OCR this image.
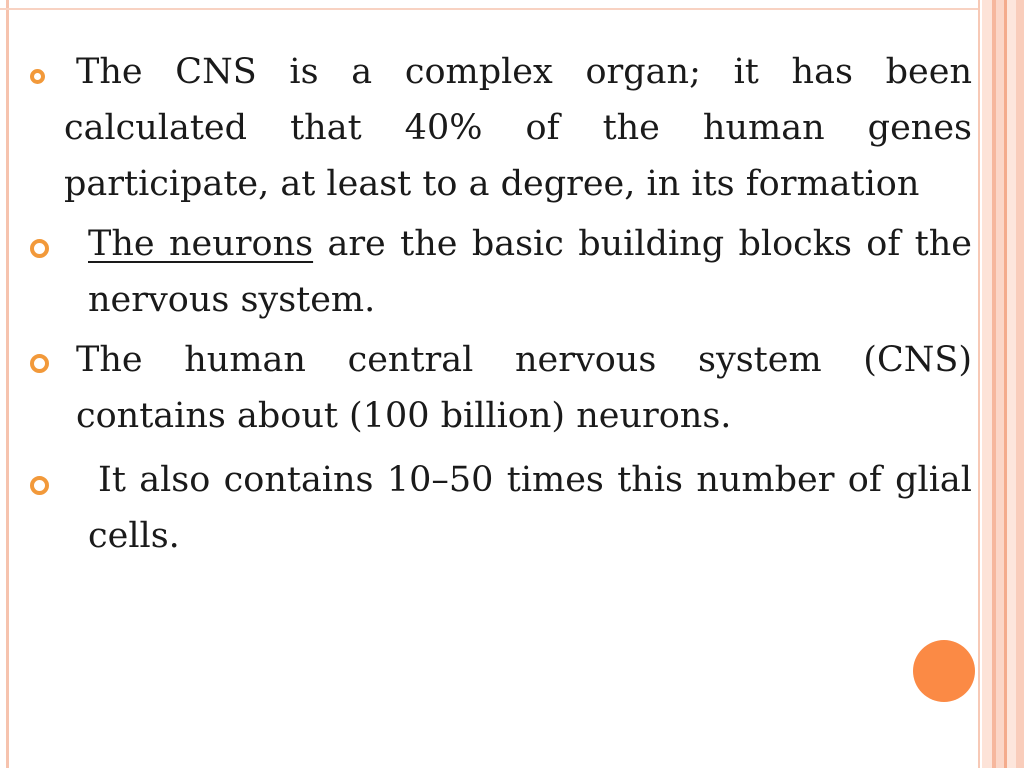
The CNS is a complex organ; it has been calculated that 40% of the human genes participate, at least to a degree, in its formation
The neurons are the basic building blocks of the nervous system.
The human central nervous system (CNS) contains about (100 billion) neurons.
It also contains 10–50 times this number of glial cells.
